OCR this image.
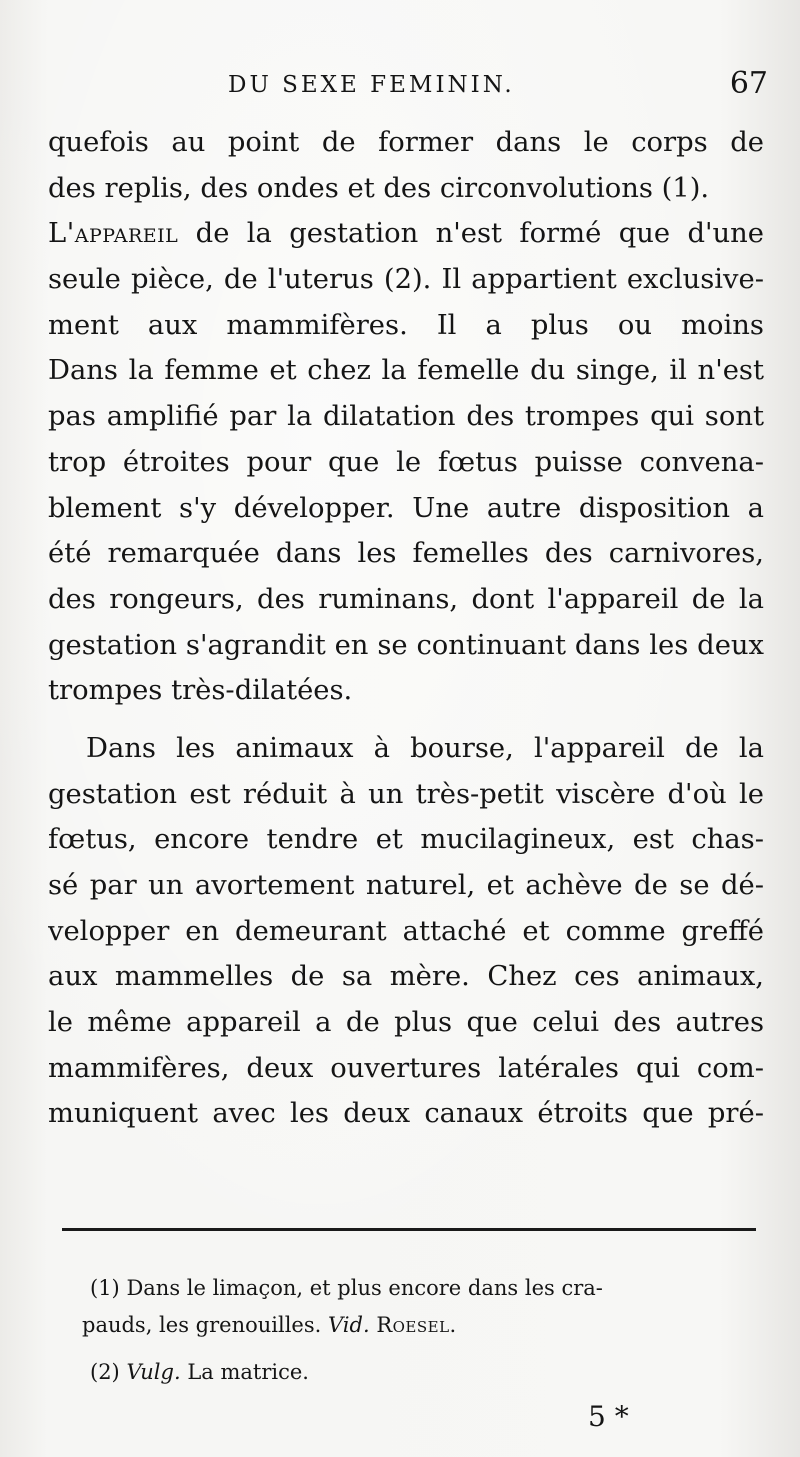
DU SEXE FEMININ.	67
quefois au point de former dans le corps de
des replis, des ondes et des circonvolutions (1).
L'appareil de la gestation n'est formé que d'une
seule pièce, de l'uterus (2). Il appartient exclusive-
ment aux mammifères. Il a plus ou moins
Dans la femme et chez la femelle du singe, il n'est
pas amplifié par la dilatation des trompes qui sont
trop étroites pour que le fœtus puisse convena-
blement s'y développer. Une autre disposition a
été remarquée dans les femelles des carnivores,
des rongeurs, des ruminans, dont l'appareil de la
gestation s'agrandit en se continuant dans les deux
trompes très-dilatées.
Dans les animaux à bourse, l'appareil de la
gestation est réduit à un très-petit viscère d'où le
fœtus, encore tendre et mucilagineux, est chas-
sé par un avortement naturel, et achève de se dé-
velopper en demeurant attaché et comme greffé
aux mammelles de sa mère. Chez ces animaux,
le même appareil a de plus que celui des autres
mammifères, deux ouvertures latérales qui com-
muniquent avec les deux canaux étroits que pré-
(1) Dans le limaçon, et plus encore dans les cra-
pauds, les grenouilles. Vid. Roesel.
(2) Vulg. La matrice.
5 *
